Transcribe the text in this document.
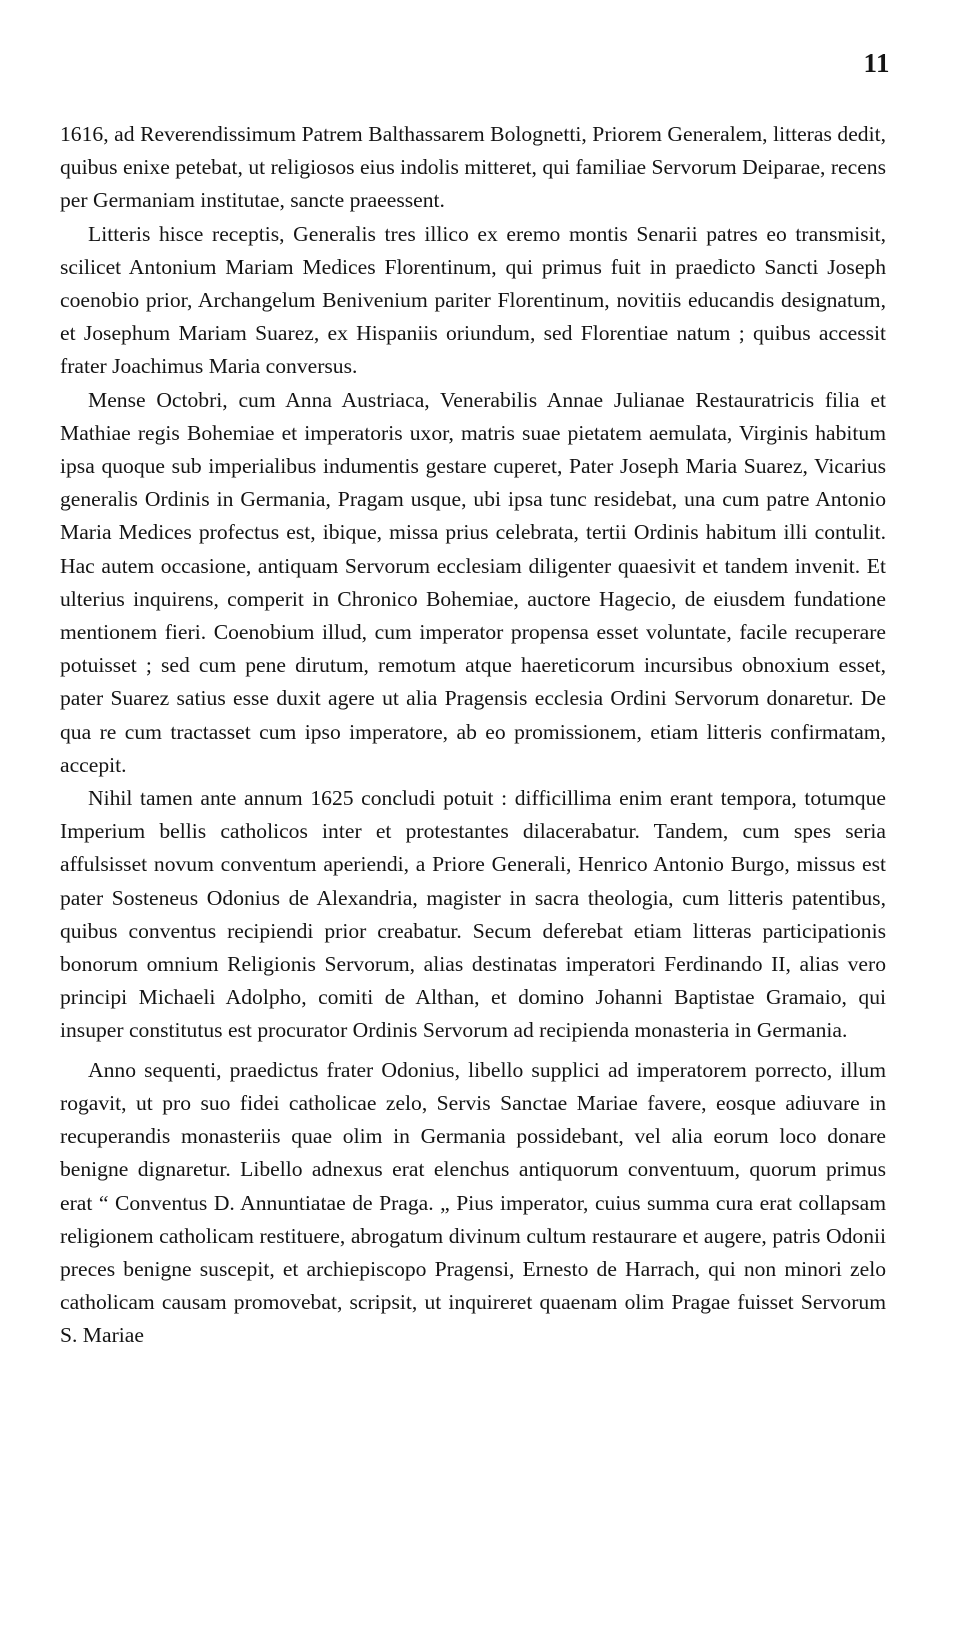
11

1616, ad Reverendissimum Patrem Balthassarem Bolognetti, Priorem Generalem, litteras dedit, quibus enixe petebat, ut religiosos eius indolis mitteret, qui familiae Servorum Deiparae, recens per Germaniam institutae, sancte praeessent.

Litteris hisce receptis, Generalis tres illico ex eremo montis Senarii patres eo transmisit, scilicet Antonium Mariam Medices Florentinum, qui primus fuit in praedicto Sancti Joseph coenobio prior, Archangelum Benivenium pariter Florentinum, novitiis educandis designatum, et Josephum Mariam Suarez, ex Hispaniis oriundum, sed Florentiae natum ; quibus accessit frater Joachimus Maria conversus.

Mense Octobri, cum Anna Austriaca, Venerabilis Annae Julianae Restauratricis filia et Mathiae regis Bohemiae et imperatoris uxor, matris suae pietatem aemulata, Virginis habitum ipsa quoque sub imperialibus indumentis gestare cuperet, Pater Joseph Maria Suarez, Vicarius generalis Ordinis in Germania, Pragam usque, ubi ipsa tunc residebat, una cum patre Antonio Maria Medices profectus est, ibique, missa prius celebrata, tertii Ordinis habitum illi contulit. Hac autem occasione, antiquam Servorum ecclesiam diligenter quaesivit et tandem invenit. Et ulterius inquirens, comperit in Chronico Bohemiae, auctore Hagecio, de eiusdem fundatione mentionem fieri. Coenobium illud, cum imperator propensa esset voluntate, facile recuperare potuisset ; sed cum pene dirutum, remotum atque haereticorum incursibus obnoxium esset, pater Suarez satius esse duxit agere ut alia Pragensis ecclesia Ordini Servorum donaretur. De qua re cum tractasset cum ipso imperatore, ab eo promissionem, etiam litteris confirmatam, accepit.

Nihil tamen ante annum 1625 concludi potuit : difficillima enim erant tempora, totumque Imperium bellis catholicos inter et protestantes dilacerabatur. Tandem, cum spes seria affulsisset novum conventum aperiendi, a Priore Generali, Henrico Antonio Burgo, missus est pater Sosteneus Odonius de Alexandria, magister in sacra theologia, cum litteris patentibus, quibus conventus recipiendi prior creabatur. Secum deferebat etiam litteras participationis bonorum omnium Religionis Servorum, alias destinatas imperatori Ferdinando II, alias vero principi Michaeli Adolpho, comiti de Althan, et domino Johanni Baptistae Gramaio, qui insuper constitutus est procurator Ordinis Servorum ad recipienda monasteria in Germania.

Anno sequenti, praedictus frater Odonius, libello supplici ad imperatorem porrecto, illum rogavit, ut pro suo fidei catholicae zelo, Servis Sanctae Mariae favere, eosque adiuvare in recuperandis monasteriis quae olim in Germania possidebant, vel alia eorum loco donare benigne dignaretur. Libello adnexus erat elenchus antiquorum conventuum, quorum primus erat “ Conventus D. Annuntiatae de Praga. „ Pius imperator, cuius summa cura erat collapsam religionem catholicam restituere, abrogatum divinum cultum restaurare et augere, patris Odonii preces benigne suscepit, et archiepiscopo Pragensi, Ernesto de Harrach, qui non minori zelo catholicam causam promovebat, scripsit, ut inquireret quaenam olim Pragae fuisset Servorum S. Mariae
